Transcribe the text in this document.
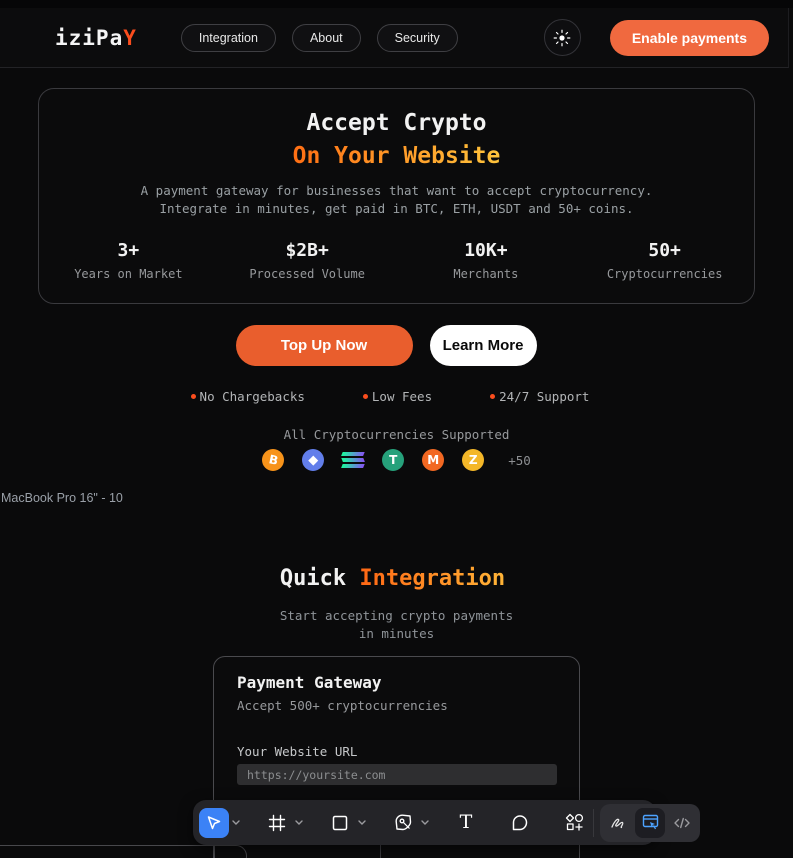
iziPaY	Integration	About	Security	Enable payments
Accept Crypto
On Your Website
A payment gateway for businesses that want to accept cryptocurrency.
Integrate in minutes, get paid in BTC, ETH, USDT and 50+ coins.
3+
Years on Market
$2B+
Processed Volume
10K+
Merchants
50+
Cryptocurrencies
Top Up Now	Learn More
No Chargebacks	Low Fees	24/7 Support
All Cryptocurrencies Supported
B ◆	T M Z +50
MacBook Pro 16" - 10
Quick Integration
Start accepting crypto payments
in minutes
Payment Gateway
Accept 500+ cryptocurrencies
Your Website URL
https://yoursite.com
T
